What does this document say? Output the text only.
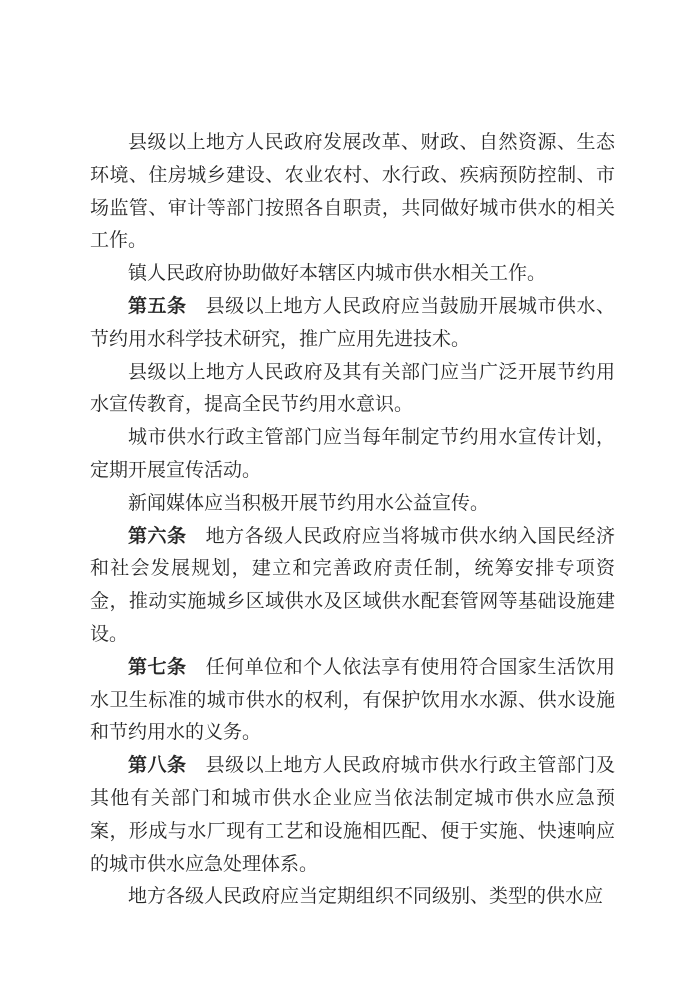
县级以上地方人民政府发展改革、财政、自然资源、生态环境、住房城乡建设、农业农村、水行政、疾病预防控制、市场监管、审计等部门按照各自职责，共同做好城市供水的相关工作。

镇人民政府协助做好本辖区内城市供水相关工作。

第五条 县级以上地方人民政府应当鼓励开展城市供水、节约用水科学技术研究，推广应用先进技术。

县级以上地方人民政府及其有关部门应当广泛开展节约用水宣传教育，提高全民节约用水意识。

城市供水行政主管部门应当每年制定节约用水宣传计划，定期开展宣传活动。

新闻媒体应当积极开展节约用水公益宣传。

第六条 地方各级人民政府应当将城市供水纳入国民经济和社会发展规划，建立和完善政府责任制，统筹安排专项资金，推动实施城乡区域供水及区域供水配套管网等基础设施建设。

第七条 任何单位和个人依法享有使用符合国家生活饮用水卫生标准的城市供水的权利，有保护饮用水水源、供水设施和节约用水的义务。

第八条 县级以上地方人民政府城市供水行政主管部门及其他有关部门和城市供水企业应当依法制定城市供水应急预案，形成与水厂现有工艺和设施相匹配、便于实施、快速响应的城市供水应急处理体系。

地方各级人民政府应当定期组织不同级别、类型的供水应
